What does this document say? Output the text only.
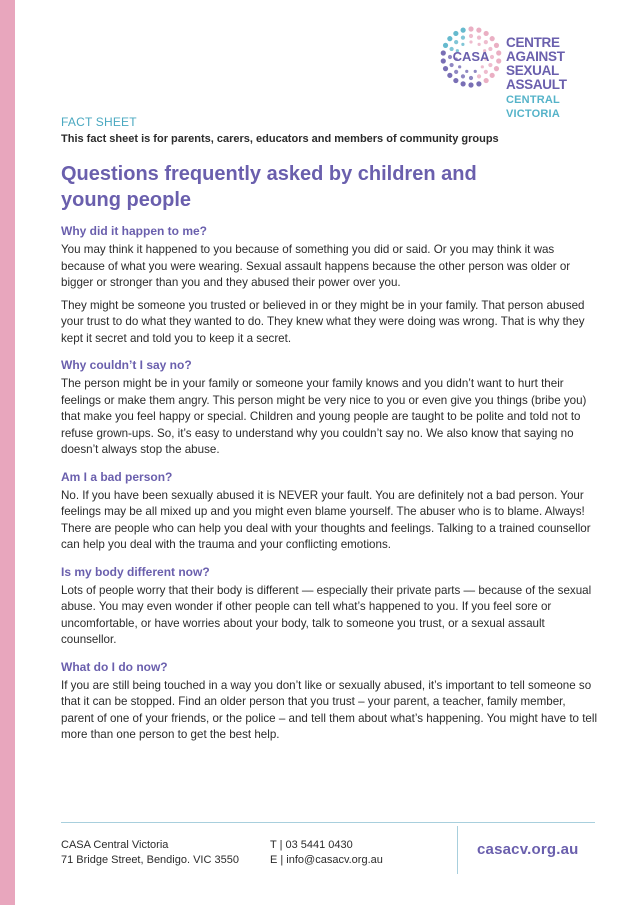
CASA
CENTRE AGAINST
SEXUAL ASSAULT
CENTRAL VICTORIA
FACT SHEET
This fact sheet is for parents, carers, educators and members of community groups
Questions frequently asked by children and young people
Why did it happen to me?

You may think it happened to you because of something you did or said. Or you may think it was because of what you were wearing. Sexual assault happens because the other person was older or bigger or stronger than you and they abused their power over you.

They might be someone you trusted or believed in or they might be in your family. That person abused your trust to do what they wanted to do. They knew what they were doing was wrong. That is why they kept it secret and told you to keep it a secret.

Why couldn’t I say no?

The person might be in your family or someone your family knows and you didn’t want to hurt their feelings or make them angry. This person might be very nice to you or even give you things (bribe you) that make you feel happy or special. Children and young people are taught to be polite and told not to refuse grown-ups. So, it’s easy to understand why you couldn’t say no. We also know that saying no doesn’t always stop the abuse.

Am I a bad person?

No. If you have been sexually abused it is NEVER your fault. You are definitely not a bad person. Your feelings may be all mixed up and you might even blame yourself. The abuser who is to blame. Always! There are people who can help you deal with your thoughts and feelings. Talking to a trained counsellor can help you deal with the trauma and your conflicting emotions.

Is my body different now?

Lots of people worry that their body is different — especially their private parts — because of the sexual abuse. You may even wonder if other people can tell what’s happened to you. If you feel sore or uncomfortable, or have worries about your body, talk to someone you trust, or a sexual assault counsellor.

What do I do now?

If you are still being touched in a way you don’t like or sexually abused, it’s important to tell someone so that it can be stopped. Find an older person that you trust – your parent, a teacher, family member, parent of one of your friends, or the police – and tell them about what’s happening. You might have to tell more than one person to get the best help.

CASA Central Victoria
71 Bridge Street, Bendigo. VIC 3550
T | 03 5441 0430
E | info@casacv.org.au
casacv.org.au
